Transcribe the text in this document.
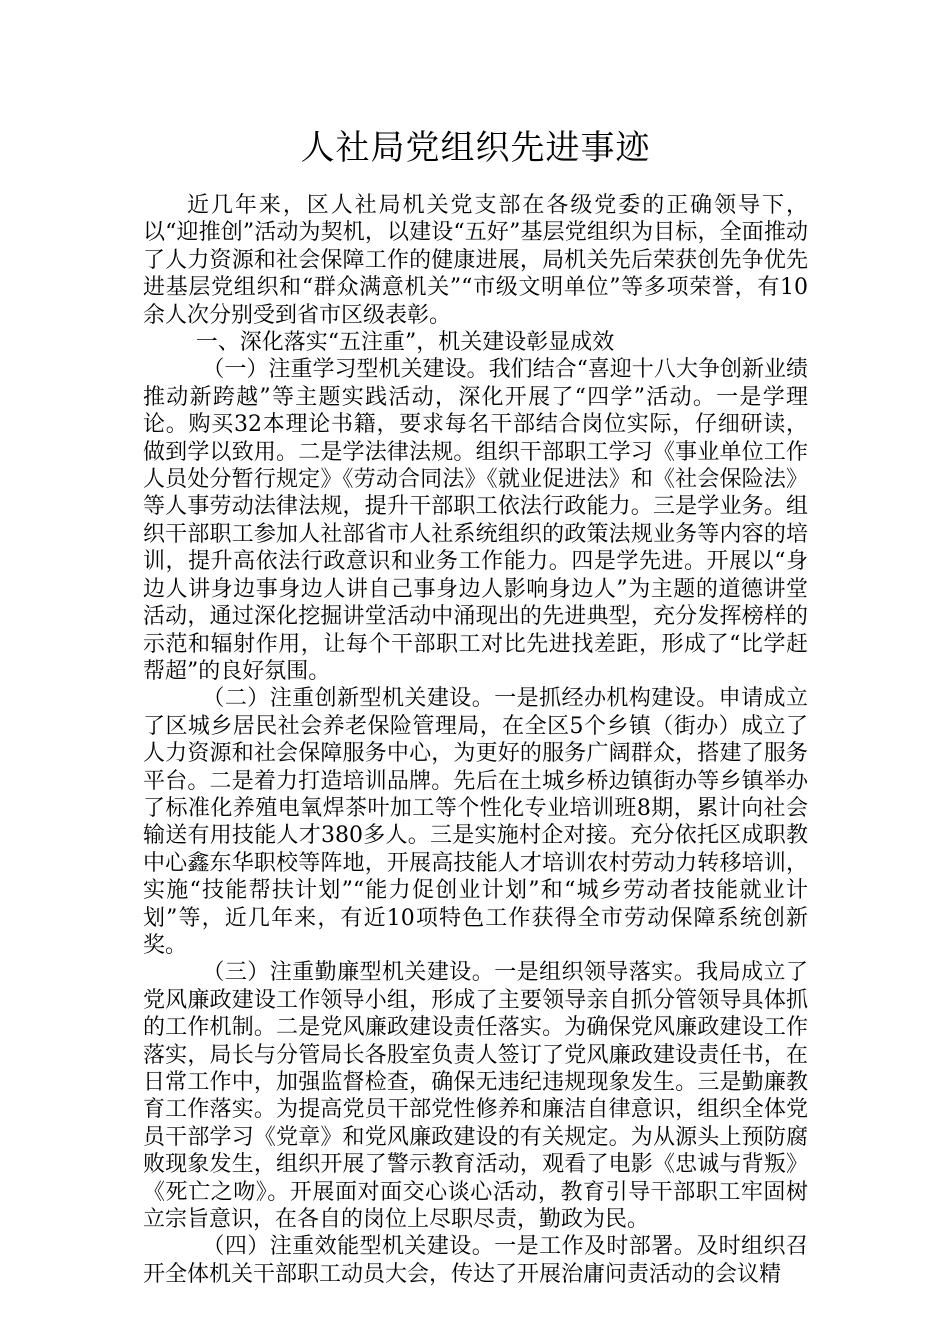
人社局党组织先进事迹

近几年来，区人社局机关党支部在各级党委的正确领导下，以“迎推创”活动为契机，以建设“五好”基层党组织为目标，全面推动了人力资源和社会保障工作的健康进展，局机关先后荣获创先争优先进基层党组织和“群众满意机关”“市级文明单位”等多项荣誉，有10余人次分别受到省市区级表彰。

一、深化落实“五注重”，机关建设彰显成效

（一）注重学习型机关建设。我们结合“喜迎十八大争创新业绩推动新跨越”等主题实践活动，深化开展了“四学”活动。一是学理论。购买32本理论书籍，要求每名干部结合岗位实际，仔细研读，做到学以致用。二是学法律法规。组织干部职工学习《事业单位工作人员处分暂行规定》《劳动合同法》《就业促进法》和《社会保险法》等人事劳动法律法规，提升干部职工依法行政能力。三是学业务。组织干部职工参加人社部省市人社系统组织的政策法规业务等内容的培训，提升高依法行政意识和业务工作能力。四是学先进。开展以“身边人讲身边事身边人讲自己事身边人影响身边人”为主题的道德讲堂活动，通过深化挖掘讲堂活动中涌现出的先进典型，充分发挥榜样的示范和辐射作用，让每个干部职工对比先进找差距，形成了“比学赶帮超”的良好氛围。

（二）注重创新型机关建设。一是抓经办机构建设。申请成立了区城乡居民社会养老保险管理局，在全区5个乡镇（街办）成立了人力资源和社会保障服务中心，为更好的服务广阔群众，搭建了服务平台。二是着力打造培训品牌。先后在土城乡桥边镇街办等乡镇举办了标准化养殖电氧焊茶叶加工等个性化专业培训班8期，累计向社会输送有用技能人才380多人。三是实施村企对接。充分依托区成职教中心鑫东华职校等阵地，开展高技能人才培训农村劳动力转移培训，实施“技能帮扶计划”“能力促创业计划”和“城乡劳动者技能就业计划”等，近几年来，有近10项特色工作获得全市劳动保障系统创新奖。

（三）注重勤廉型机关建设。一是组织领导落实。我局成立了党风廉政建设工作领导小组，形成了主要领导亲自抓分管领导具体抓的工作机制。二是党风廉政建设责任落实。为确保党风廉政建设工作落实，局长与分管局长各股室负责人签订了党风廉政建设责任书，在日常工作中，加强监督检查，确保无违纪违规现象发生。三是勤廉教育工作落实。为提高党员干部党性修养和廉洁自律意识，组织全体党员干部学习《党章》和党风廉政建设的有关规定。为从源头上预防腐败现象发生，组织开展了警示教育活动，观看了电影《忠诚与背叛》《死亡之吻》。开展面对面交心谈心活动，教育引导干部职工牢固树立宗旨意识，在各自的岗位上尽职尽责，勤政为民。

（四）注重效能型机关建设。一是工作及时部署。及时组织召开全体机关干部职工动员大会，传达了开展治庸问责活动的会议精
